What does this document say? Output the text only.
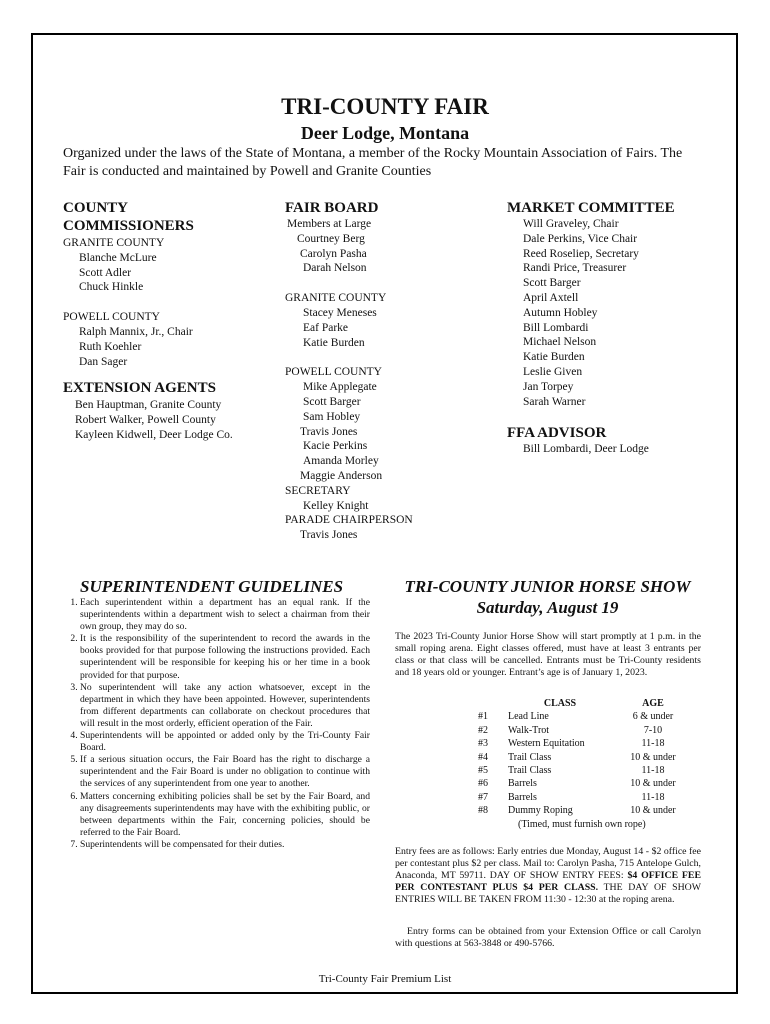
TRI-COUNTY FAIR
Deer Lodge, Montana
Organized under the laws of the State of Montana, a member of the Rocky Mountain Association of Fairs. The Fair is conducted and maintained by Powell and Granite Counties
COUNTY
COMMISSIONERS
GRANITE COUNTY
Blanche McLure
Scott Adler
Chuck Hinkle
POWELL COUNTY
Ralph Mannix, Jr., Chair
Ruth Koehler
Dan Sager
EXTENSION AGENTS
Ben Hauptman, Granite County
Robert Walker, Powell County
Kayleen Kidwell, Deer Lodge Co.
FAIR BOARD
Members at Large
Courtney Berg
Carolyn Pasha
Darah Nelson
GRANITE COUNTY
Stacey Meneses
Eaf Parke
Katie Burden
POWELL COUNTY
Mike Applegate
Scott Barger
Sam Hobley
Travis Jones
Kacie Perkins
Amanda Morley
Maggie Anderson
SECRETARY
Kelley Knight
PARADE CHAIRPERSON
Travis Jones
MARKET COMMITTEE
Will Graveley, Chair
Dale Perkins, Vice Chair
Reed Roseliep, Secretary
Randi Price, Treasurer
Scott Barger
April Axtell
Autumn Hobley
Bill Lombardi
Michael Nelson
Katie Burden
Leslie Given
Jan Torpey
Sarah Warner
FFA ADVISOR
Bill Lombardi, Deer Lodge
SUPERINTENDENT GUIDELINES
1. Each superintendent within a department has an equal rank. If the superintendents within a department wish to select a chairman from their own group, they may do so.
2. It is the responsibility of the superintendent to record the awards in the books provided for that purpose following the instructions provided. Each superintendent will be responsible for keeping his or her time in a book provided for that purpose.
3. No superintendent will take any action whatsoever, except in the department in which they have been appointed. However, superintendents from different departments can collaborate on checkout procedures that will result in the most orderly, efficient operation of the Fair.
4. Superintendents will be appointed or added only by the Tri-County Fair Board.
5. If a serious situation occurs, the Fair Board has the right to discharge a superintendent and the Fair Board is under no obligation to continue with the services of any superintendent from one year to another.
6. Matters concerning exhibiting policies shall be set by the Fair Board, and any disagreements superintendents may have with the exhibiting public, or between departments within the Fair, concerning policies, should be referred to the Fair Board.
7. Superintendents will be compensated for their duties.
TRI-COUNTY JUNIOR HORSE SHOW
Saturday, August 19
The 2023 Tri-County Junior Horse Show will start promptly at 1 p.m. in the small roping arena. Eight classes offered, must have at least 3 entrants per class or that class will be cancelled. Entrants must be Tri-County residents and 18 years old or younger. Entrant’s age is of January 1, 2023.
	CLASS	AGE
#1	Lead Line	6 & under
#2	Walk-Trot	7-10
#3	Western Equitation	11-18
#4	Trail Class	10 & under
#5	Trail Class	11-18
#6	Barrels	10 & under
#7	Barrels	11-18
#8	Dummy Roping	10 & under
	(Timed, must furnish own rope)	
Entry fees are as follows: Early entries due Monday, August 14 - $2 office fee per contestant plus $2 per class. Mail to: Carolyn Pasha, 715 Antelope Gulch, Anaconda, MT 59711. DAY OF SHOW ENTRY FEES: $4 OFFICE FEE PER CONTESTANT PLUS $4 PER CLASS. THE DAY OF SHOW ENTRIES WILL BE TAKEN FROM 11:30 - 12:30 at the roping arena.
Entry forms can be obtained from your Extension Office or call Carolyn with questions at 563-3848 or 490-5766.
Tri-County Fair Premium List
